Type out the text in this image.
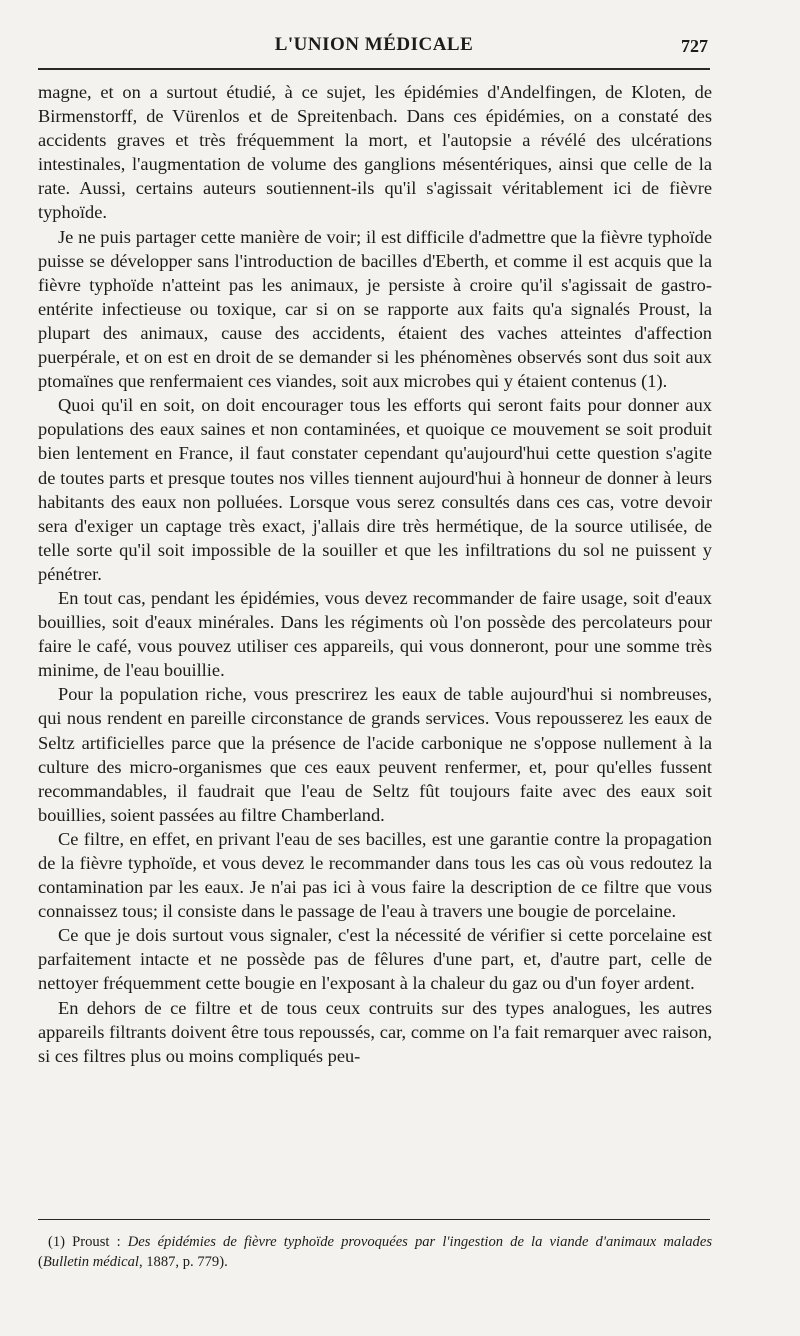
L'UNION MÉDICALE	727

magne, et on a surtout étudié, à ce sujet, les épidémies d'Andelfingen, de Kloten, de Birmenstorff, de Vürenlos et de Spreitenbach. Dans ces épidémies, on a constaté des accidents graves et très fréquemment la mort, et l'autopsie a révélé des ulcérations intestinales, l'augmentation de volume des ganglions mésentériques, ainsi que celle de la rate. Aussi, certains auteurs soutiennent-ils qu'il s'agissait véritablement ici de fièvre typhoïde.

Je ne puis partager cette manière de voir; il est difficile d'admettre que la fièvre typhoïde puisse se développer sans l'introduction de bacilles d'Eberth, et comme il est acquis que la fièvre typhoïde n'atteint pas les animaux, je persiste à croire qu'il s'agissait de gastro-entérite infectieuse ou toxique, car si on se rapporte aux faits qu'a signalés Proust, la plupart des animaux, cause des accidents, étaient des vaches atteintes d'affection puerpérale, et on est en droit de se demander si les phénomènes observés sont dus soit aux ptomaïnes que renfermaient ces viandes, soit aux microbes qui y étaient contenus (1).

Quoi qu'il en soit, on doit encourager tous les efforts qui seront faits pour donner aux populations des eaux saines et non contaminées, et quoique ce mouvement se soit produit bien lentement en France, il faut constater cependant qu'aujourd'hui cette question s'agite de toutes parts et presque toutes nos villes tiennent aujourd'hui à honneur de donner à leurs habitants des eaux non polluées. Lorsque vous serez consultés dans ces cas, votre devoir sera d'exiger un captage très exact, j'allais dire très hermétique, de la source utilisée, de telle sorte qu'il soit impossible de la souiller et que les infiltrations du sol ne puissent y pénétrer.

En tout cas, pendant les épidémies, vous devez recommander de faire usage, soit d'eaux bouillies, soit d'eaux minérales. Dans les régiments où l'on possède des percolateurs pour faire le café, vous pouvez utiliser ces appareils, qui vous donneront, pour une somme très minime, de l'eau bouillie.

Pour la population riche, vous prescrirez les eaux de table aujourd'hui si nombreuses, qui nous rendent en pareille circonstance de grands services. Vous repousserez les eaux de Seltz artificielles parce que la présence de l'acide carbonique ne s'oppose nullement à la culture des micro-organismes que ces eaux peuvent renfermer, et, pour qu'elles fussent recommandables, il faudrait que l'eau de Seltz fût toujours faite avec des eaux soit bouillies, soient passées au filtre Chamberland.

Ce filtre, en effet, en privant l'eau de ses bacilles, est une garantie contre la propagation de la fièvre typhoïde, et vous devez le recommander dans tous les cas où vous redoutez la contamination par les eaux. Je n'ai pas ici à vous faire la description de ce filtre que vous connaissez tous; il consiste dans le passage de l'eau à travers une bougie de porcelaine.

Ce que je dois surtout vous signaler, c'est la nécessité de vérifier si cette porcelaine est parfaitement intacte et ne possède pas de fêlures d'une part, et, d'autre part, celle de nettoyer fréquemment cette bougie en l'exposant à la chaleur du gaz ou d'un foyer ardent.

En dehors de ce filtre et de tous ceux contruits sur des types analogues, les autres appareils filtrants doivent être tous repoussés, car, comme on l'a fait remarquer avec raison, si ces filtres plus ou moins compliqués peu-

(1) Proust : Des épidémies de fièvre typhoïde provoquées par l'ingestion de la viande d'animaux malades (Bulletin médical, 1887, p. 779).
